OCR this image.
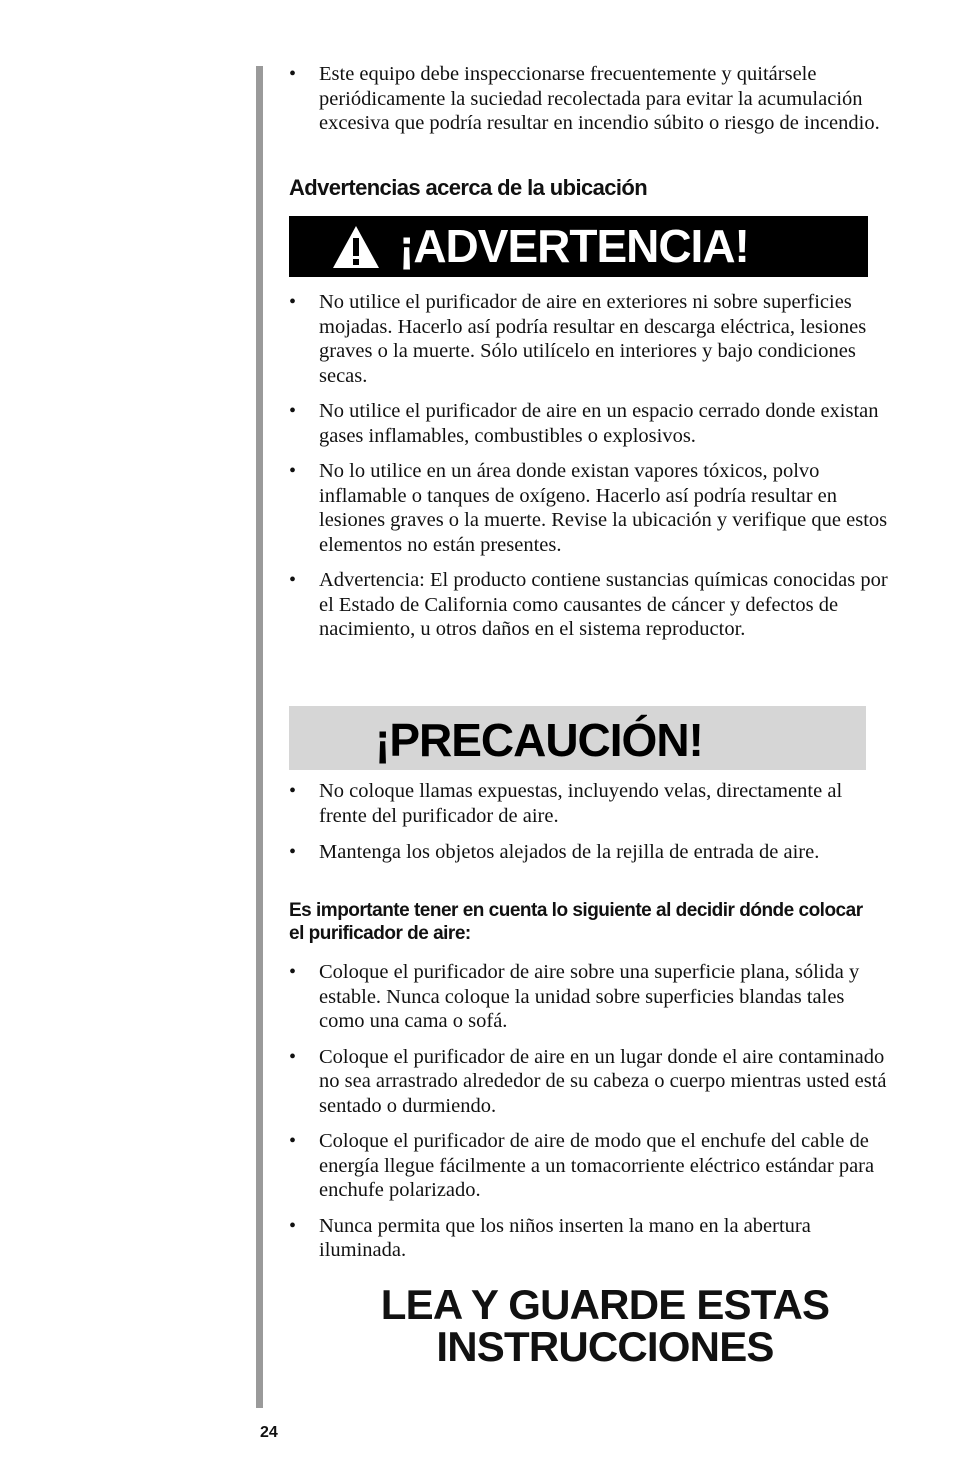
• Este equipo debe inspeccionarse frecuentemente y quitársele periódicamente la suciedad recolectada para evitar la acumulación excesiva que podría resultar en incendio súbito o riesgo de incendio.
Advertencias acerca de la ubicación
¡ADVERTENCIA!
• No utilice el purificador de aire en exteriores ni sobre superficies mojadas. Hacerlo así podría resultar en descarga eléctrica, lesiones graves o la muerte. Sólo utilícelo en interiores y bajo condiciones secas.
• No utilice el purificador de aire en un espacio cerrado donde existan gases inflamables, combustibles o explosivos.
• No lo utilice en un área donde existan vapores tóxicos, polvo inflamable o tanques de oxígeno. Hacerlo así podría resultar en lesiones graves o la muerte. Revise la ubicación y verifique que estos elementos no están presentes.
• Advertencia: El producto contiene sustancias químicas conocidas por el Estado de California como causantes de cáncer y defectos de nacimiento, u otros daños en el sistema reproductor.
¡PRECAUCIÓN!
• No coloque llamas expuestas, incluyendo velas, directamente al frente del purificador de aire.
• Mantenga los objetos alejados de la rejilla de entrada de aire.
Es importante tener en cuenta lo siguiente al decidir dónde colocar el purificador de aire:
• Coloque el purificador de aire sobre una superficie plana, sólida y estable. Nunca coloque la unidad sobre superficies blandas tales como una cama o sofá.
• Coloque el purificador de aire en un lugar donde el aire contaminado no sea arrastrado alrededor de su cabeza o cuerpo mientras usted está sentado o durmiendo.
• Coloque el purificador de aire de modo que el enchufe del cable de energía llegue fácilmente a un tomacorriente eléctrico estándar para enchufe polarizado.
• Nunca permita que los niños inserten la mano en la abertura iluminada.
LEA Y GUARDE ESTAS
INSTRUCCIONES
24
